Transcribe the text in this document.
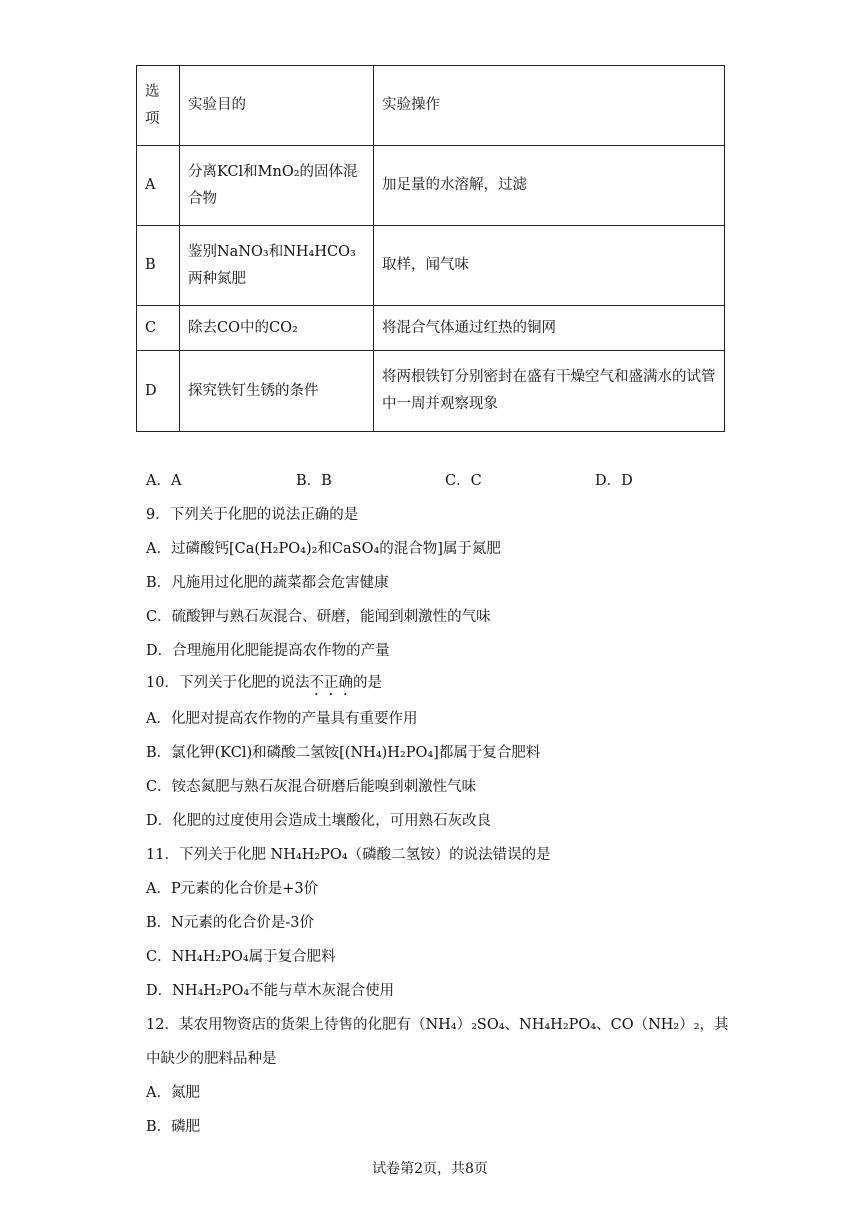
选项	实验目的	实验操作
A	分离KCl和MnO₂的固体混合物	加足量的水溶解，过滤
B	鉴别NaNO₃和NH₄HCO₃两种氮肥	取样，闻气味
C	除去CO中的CO₂	将混合气体通过红热的铜网
D	探究铁钉生锈的条件	将两根铁钉分别密封在盛有干燥空气和盛满水的试管中一周并观察现象
A．A	B．B	C．C	D．D
9．下列关于化肥的说法正确的是
A．过磷酸钙[Ca(H₂PO₄)₂和CaSO₄的混合物]属于氮肥
B．凡施用过化肥的蔬菜都会危害健康
C．硫酸钾与熟石灰混合、研磨，能闻到刺激性的气味
D．合理施用化肥能提高农作物的产量
10．下列关于化肥的说法不正确的是
A．化肥对提高农作物的产量具有重要作用
B．氯化钾(KCl)和磷酸二氢铵[(NH₄)H₂PO₄]都属于复合肥料
C．铵态氮肥与熟石灰混合研磨后能嗅到刺激性气味
D．化肥的过度使用会造成土壤酸化，可用熟石灰改良
11．下列关于化肥 NH₄H₂PO₄（磷酸二氢铵）的说法错误的是
A．P元素的化合价是+3价
B．N元素的化合价是-3价
C．NH₄H₂PO₄属于复合肥料
D．NH₄H₂PO₄不能与草木灰混合使用
12．某农用物资店的货架上待售的化肥有（NH₄）₂SO₄、NH₄H₂PO₄、CO（NH₂）₂，其
中缺少的肥料品种是
A．氮肥
B．磷肥
试卷第2页，共8页
